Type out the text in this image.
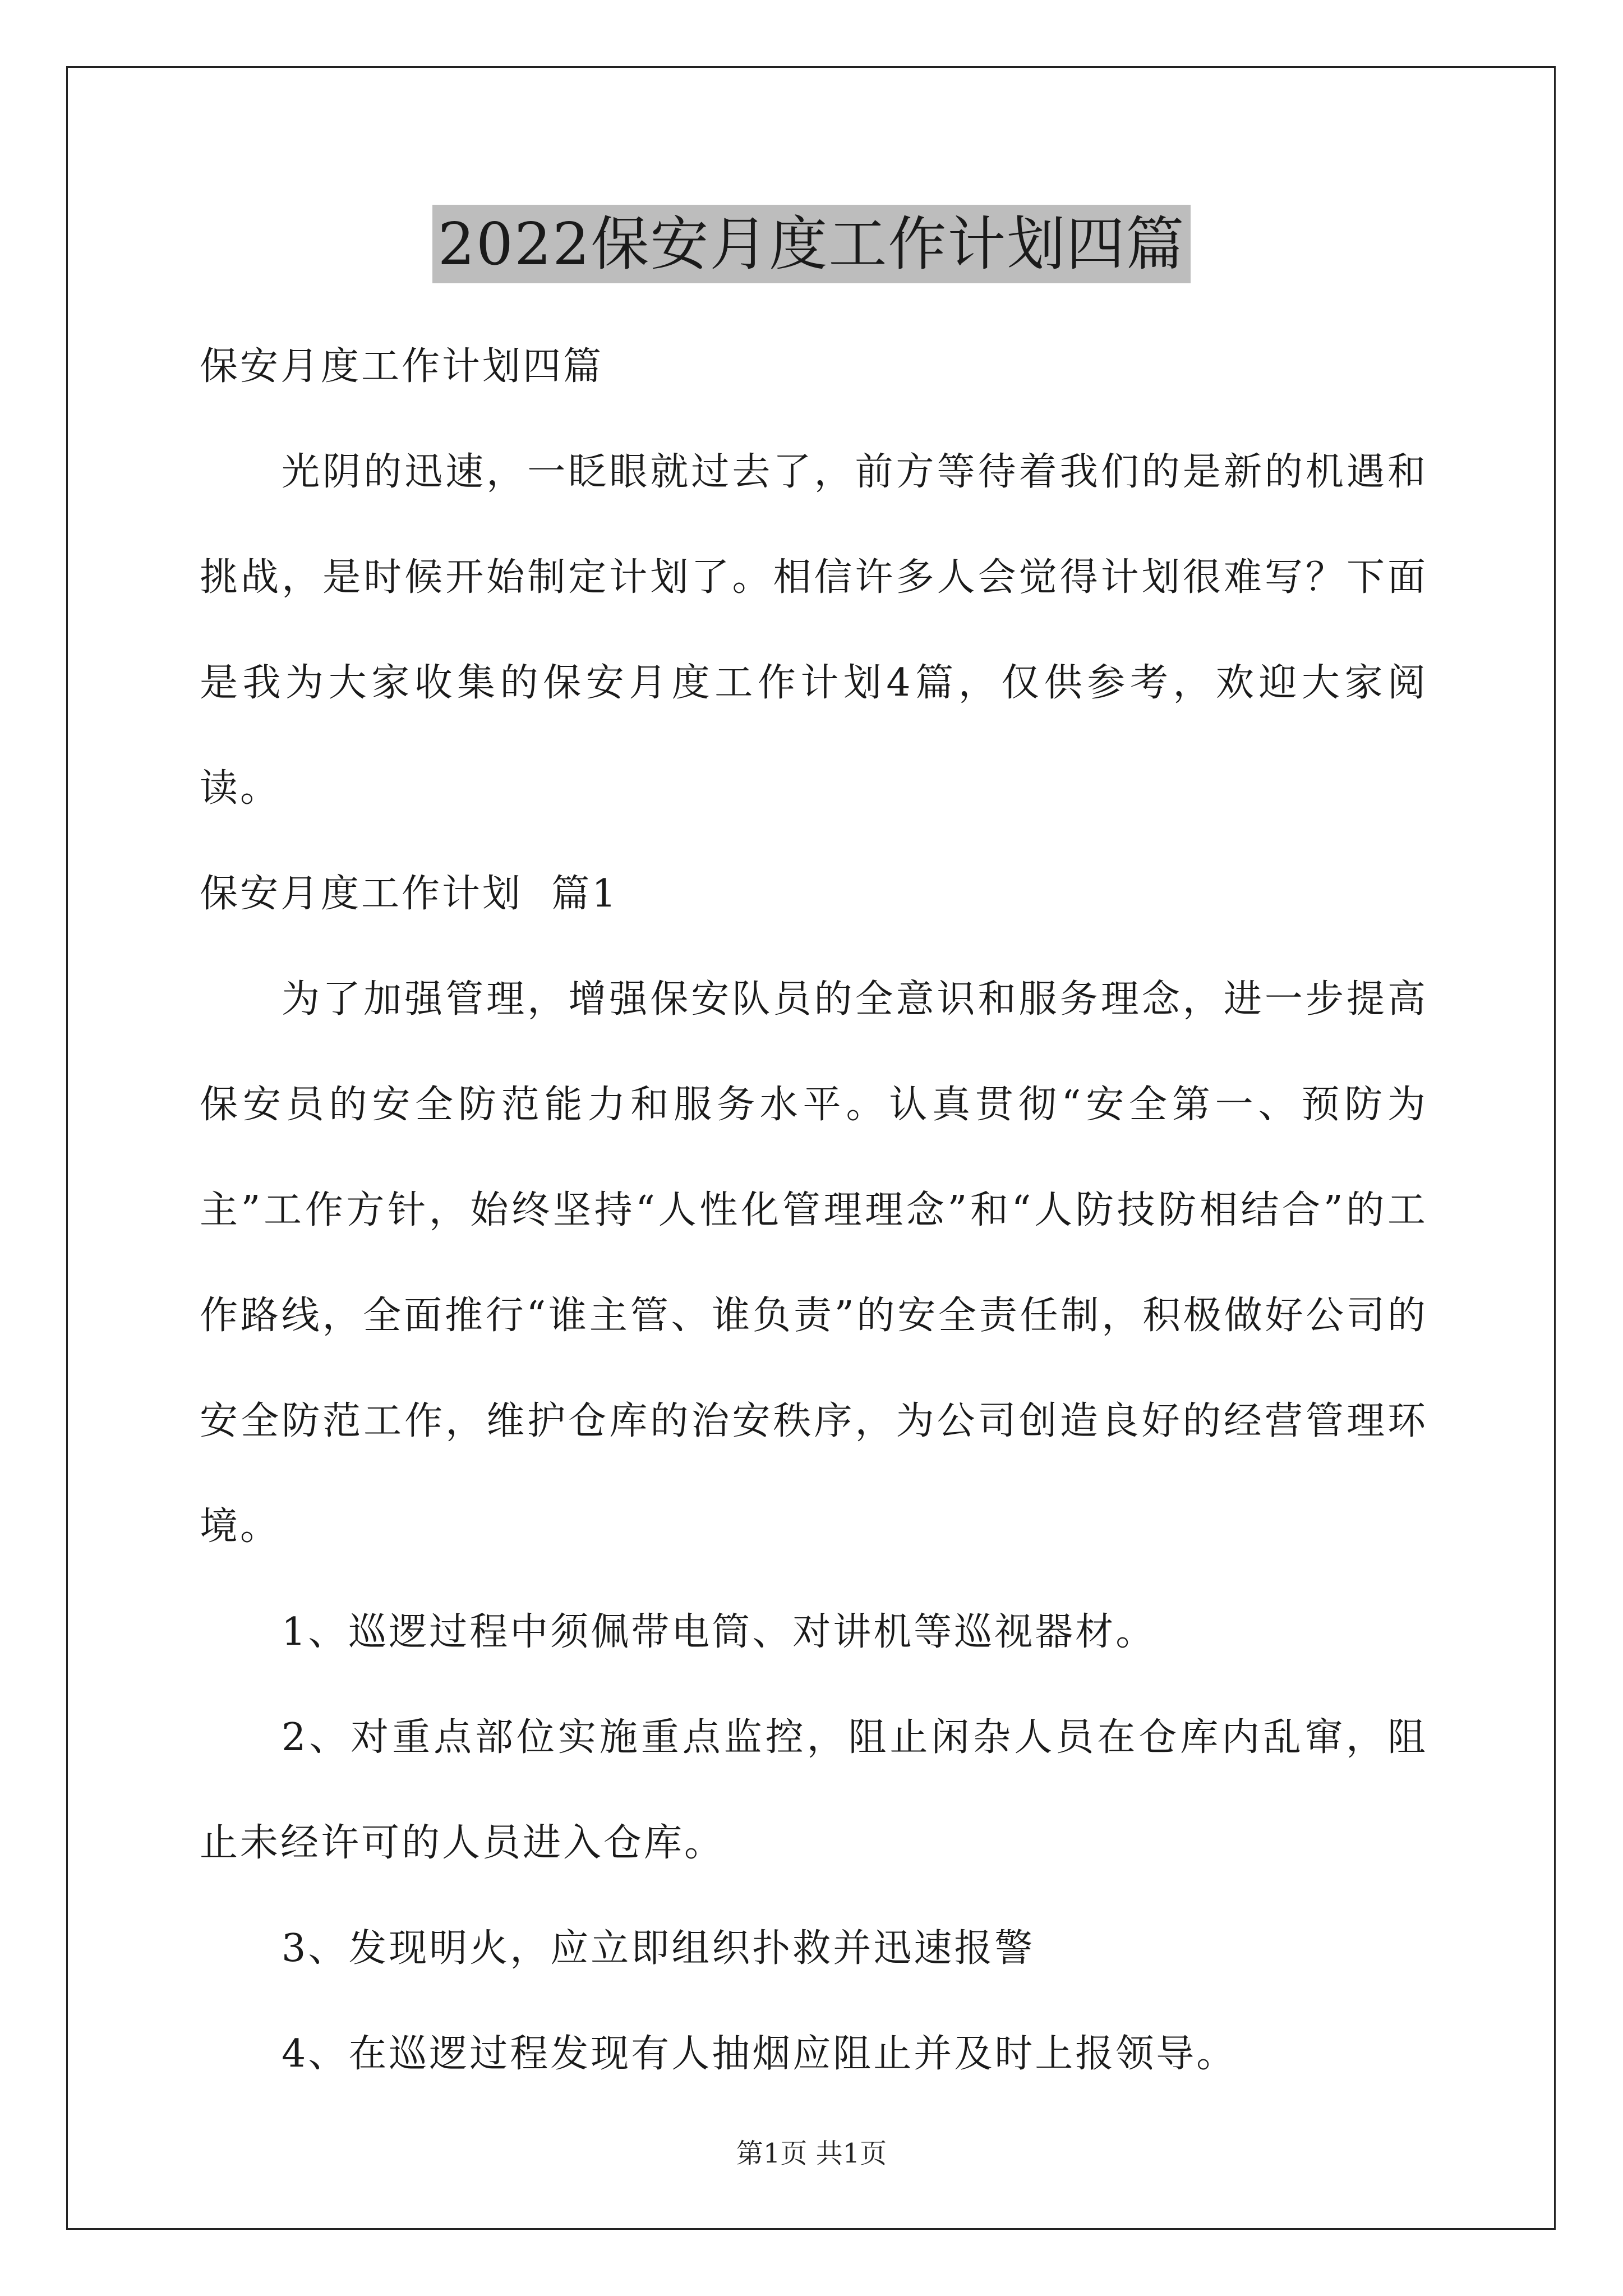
2022保安月度工作计划四篇

保安月度工作计划四篇

光阴的迅速，一眨眼就过去了，前方等待着我们的是新的机遇和挑战，是时候开始制定计划了。相信许多人会觉得计划很难写？下面是我为大家收集的保安月度工作计划4篇，仅供参考，欢迎大家阅读。

保安月度工作计划  篇1

为了加强管理，增强保安队员的全意识和服务理念，进一步提高保安员的安全防范能力和服务水平。认真贯彻“安全第一、预防为主”工作方针，始终坚持“人性化管理理念”和“人防技防相结合”的工作路线，全面推行“谁主管、谁负责”的安全责任制，积极做好公司的安全防范工作，维护仓库的治安秩序，为公司创造良好的经营管理环境。

1、巡逻过程中须佩带电筒、对讲机等巡视器材。

2、对重点部位实施重点监控，阻止闲杂人员在仓库内乱窜，阻止未经许可的人员进入仓库。

3、发现明火，应立即组织扑救并迅速报警

4、在巡逻过程发现有人抽烟应阻止并及时上报领导。

第1页 共1页
